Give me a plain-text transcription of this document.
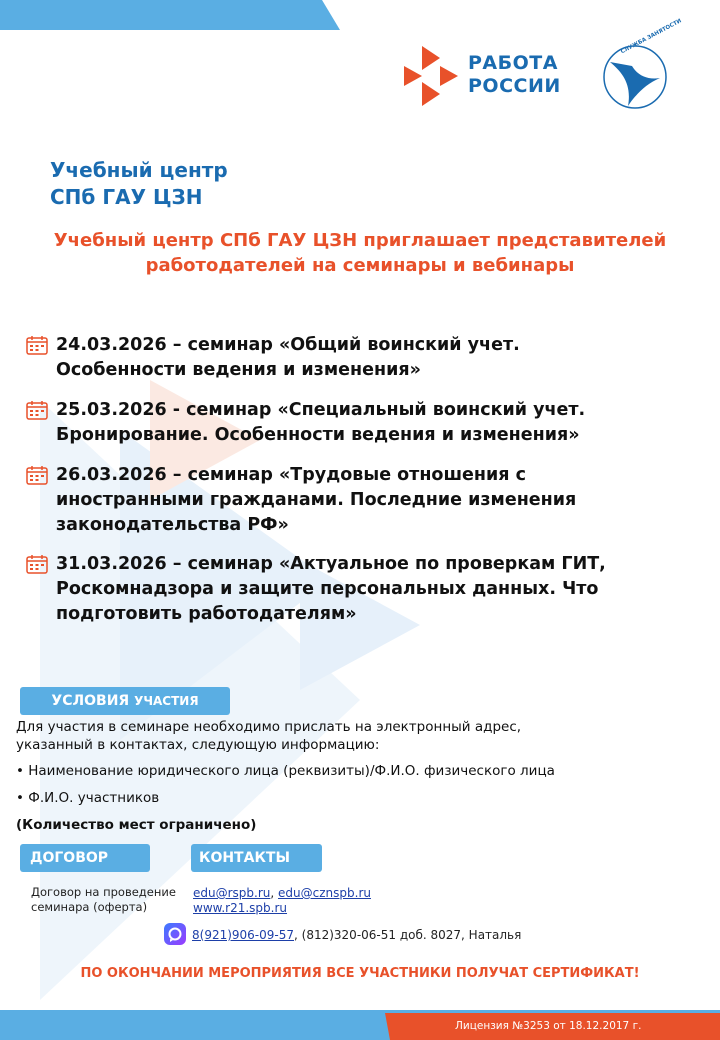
РАБОТА
РОССИИ
СЛУЖБА ЗАНЯТОСТИ
Учебный центр
СПб ГАУ ЦЗН
Учебный центр СПб ГАУ ЦЗН приглашает представителей
работодателей на семинары и вебинары
24.03.2026 – семинар «Общий воинский учет.
Особенности ведения и изменения»
25.03.2026 - семинар «Специальный воинский учет.
Бронирование. Особенности ведения и изменения»
26.03.2026 – семинар «Трудовые отношения с
иностранными гражданами. Последние изменения
законодательства РФ»
31.03.2026 – семинар «Актуальное по проверкам ГИТ,
Роскомнадзора и защите персональных данных. Что
подготовить работодателям»
УСЛОВИЯ УЧАСТИЯ
Для участия в семинаре необходимо прислать на электронный адрес,
указанный в контактах, следующую информацию:
• Наименование юридического лица (реквизиты)/Ф.И.О. физического лица
• Ф.И.О. участников
(Количество мест ограничено)
ДОГОВОР
Договор на проведение
семинара (оферта)
КОНТАКТЫ
edu@rspb.ru, edu@cznspb.ru
www.r21.spb.ru
8(921)906-09-57, (812)320-06-51 доб. 8027, Наталья
ПО ОКОНЧАНИИ МЕРОПРИЯТИЯ ВСЕ УЧАСТНИКИ ПОЛУЧАТ СЕРТИФИКАТ!
Лицензия №3253 от 18.12.2017 г.
